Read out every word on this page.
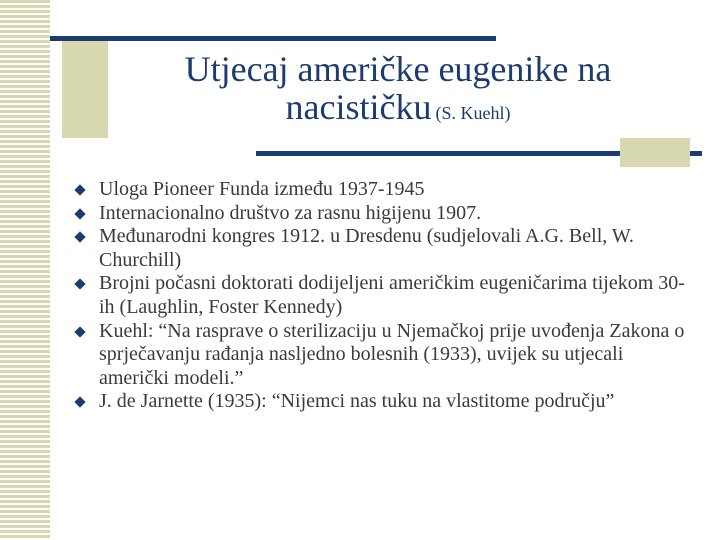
Utjecaj američke eugenike na
nacističku (S. Kuehl)
Uloga Pioneer Funda između 1937-1945
Internacionalno društvo za rasnu higijenu 1907.
Međunarodni kongres 1912. u Dresdenu (sudjelovali A.G. Bell, W. Churchill)
Brojni počasni doktorati dodijeljeni američkim eugeničarima tijekom 30-ih (Laughlin, Foster Kennedy)
Kuehl: “Na rasprave o sterilizaciju u Njemačkoj prije uvođenja Zakona o sprječavanju rađanja nasljedno bolesnih (1933), uvijek su utjecali američki modeli.”
J. de Jarnette (1935): “Nijemci nas tuku na vlastitome području”
